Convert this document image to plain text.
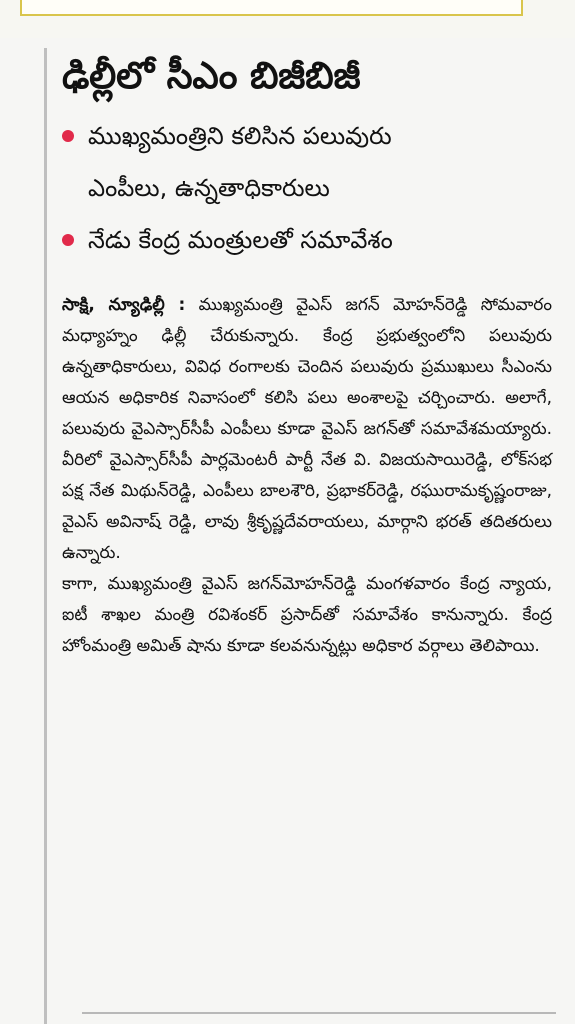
ఢిల్లీలో సీఎం బిజీబిజీ
ముఖ్యమంత్రిని కలిసిన పలువురు
ఎంపీలు, ఉన్నతాధికారులు
నేడు కేంద్ర మంత్రులతో సమావేశం

సాక్షి, న్యూఢిల్లీ : ముఖ్యమంత్రి వైఎస్ జగన్ మోహన్‌రెడ్డి సోమవారం మధ్యాహ్నం ఢిల్లీ చేరుకున్నారు. కేంద్ర ప్రభుత్వంలోని పలువురు ఉన్నతాధికారులు, వివిధ రంగాలకు చెందిన పలువురు ప్రముఖులు సీఎంను ఆయన అధికారిక నివాసంలో కలిసి పలు అంశాలపై చర్చించారు. అలాగే, పలువురు వైఎస్సార్‌సీపీ ఎంపీలు కూడా వైఎస్ జగన్‌తో సమావేశమయ్యారు. వీరిలో వైఎస్సార్‌సీపీ పార్లమెంటరీ పార్టీ నేత వి. విజయసాయిరెడ్డి, లోక్‌సభ పక్ష నేత మిథున్‌రెడ్డి, ఎంపీలు బాలశౌరి, ప్రభాకర్‌రెడ్డి, రఘురామకృష్ణంరాజు, వైఎస్ అవినాష్ రెడ్డి, లావు శ్రీకృష్ణదేవరాయలు, మార్గాని భరత్ తదితరులు ఉన్నారు.

కాగా, ముఖ్యమంత్రి వైఎస్ జగన్‌మోహన్‌రెడ్డి మంగళవారం కేంద్ర న్యాయ, ఐటీ శాఖల మంత్రి రవిశంకర్ ప్రసాద్‌తో సమావేశం కానున్నారు. కేంద్ర హోంమంత్రి అమిత్ షాను కూడా కలవనున్నట్లు అధికార వర్గాలు తెలిపాయి.
